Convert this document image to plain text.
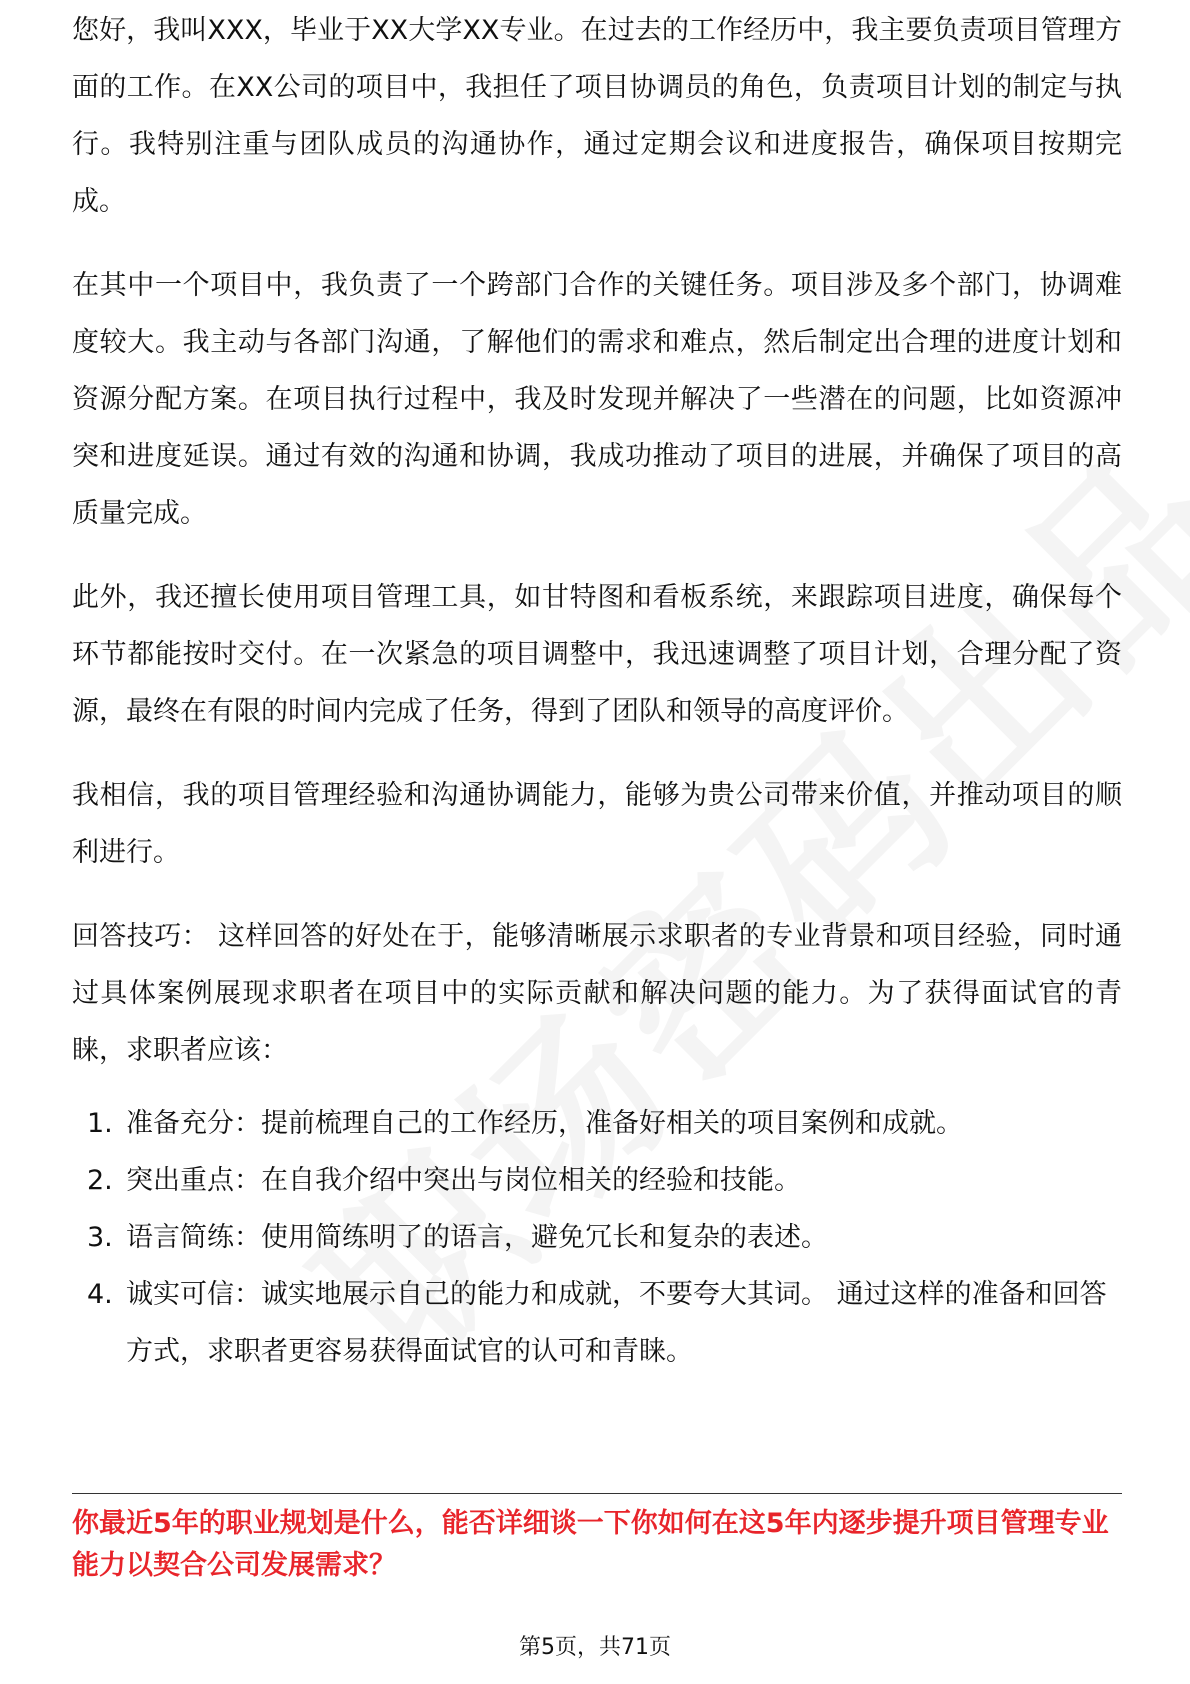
您好，我叫XXX，毕业于XX大学XX专业。在过去的工作经历中，我主要负责项目管理方面的工作。在XX公司的项目中，我担任了项目协调员的角色，负责项目计划的制定与执行。我特别注重与团队成员的沟通协作，通过定期会议和进度报告，确保项目按期完成。

在其中一个项目中，我负责了一个跨部门合作的关键任务。项目涉及多个部门，协调难度较大。我主动与各部门沟通，了解他们的需求和难点，然后制定出合理的进度计划和资源分配方案。在项目执行过程中，我及时发现并解决了一些潜在的问题，比如资源冲突和进度延误。通过有效的沟通和协调，我成功推动了项目的进展，并确保了项目的高质量完成。

此外，我还擅长使用项目管理工具，如甘特图和看板系统，来跟踪项目进度，确保每个环节都能按时交付。在一次紧急的项目调整中，我迅速调整了项目计划，合理分配了资源，最终在有限的时间内完成了任务，得到了团队和领导的高度评价。

我相信，我的项目管理经验和沟通协调能力，能够为贵公司带来价值，并推动项目的顺利进行。

回答技巧： 这样回答的好处在于，能够清晰展示求职者的专业背景和项目经验，同时通过具体案例展现求职者在项目中的实际贡献和解决问题的能力。为了获得面试官的青睐，求职者应该：

1. 准备充分：提前梳理自己的工作经历，准备好相关的项目案例和成就。
2. 突出重点：在自我介绍中突出与岗位相关的经验和技能。
3. 语言简练：使用简练明了的语言，避免冗长和复杂的表述。
4. 诚实可信：诚实地展示自己的能力和成就，不要夸大其词。 通过这样的准备和回答方式，求职者更容易获得面试官的认可和青睐。

你最近5年的职业规划是什么，能否详细谈一下你如何在这5年内逐步提升项目管理专业能力以契合公司发展需求？

第5页，共71页
